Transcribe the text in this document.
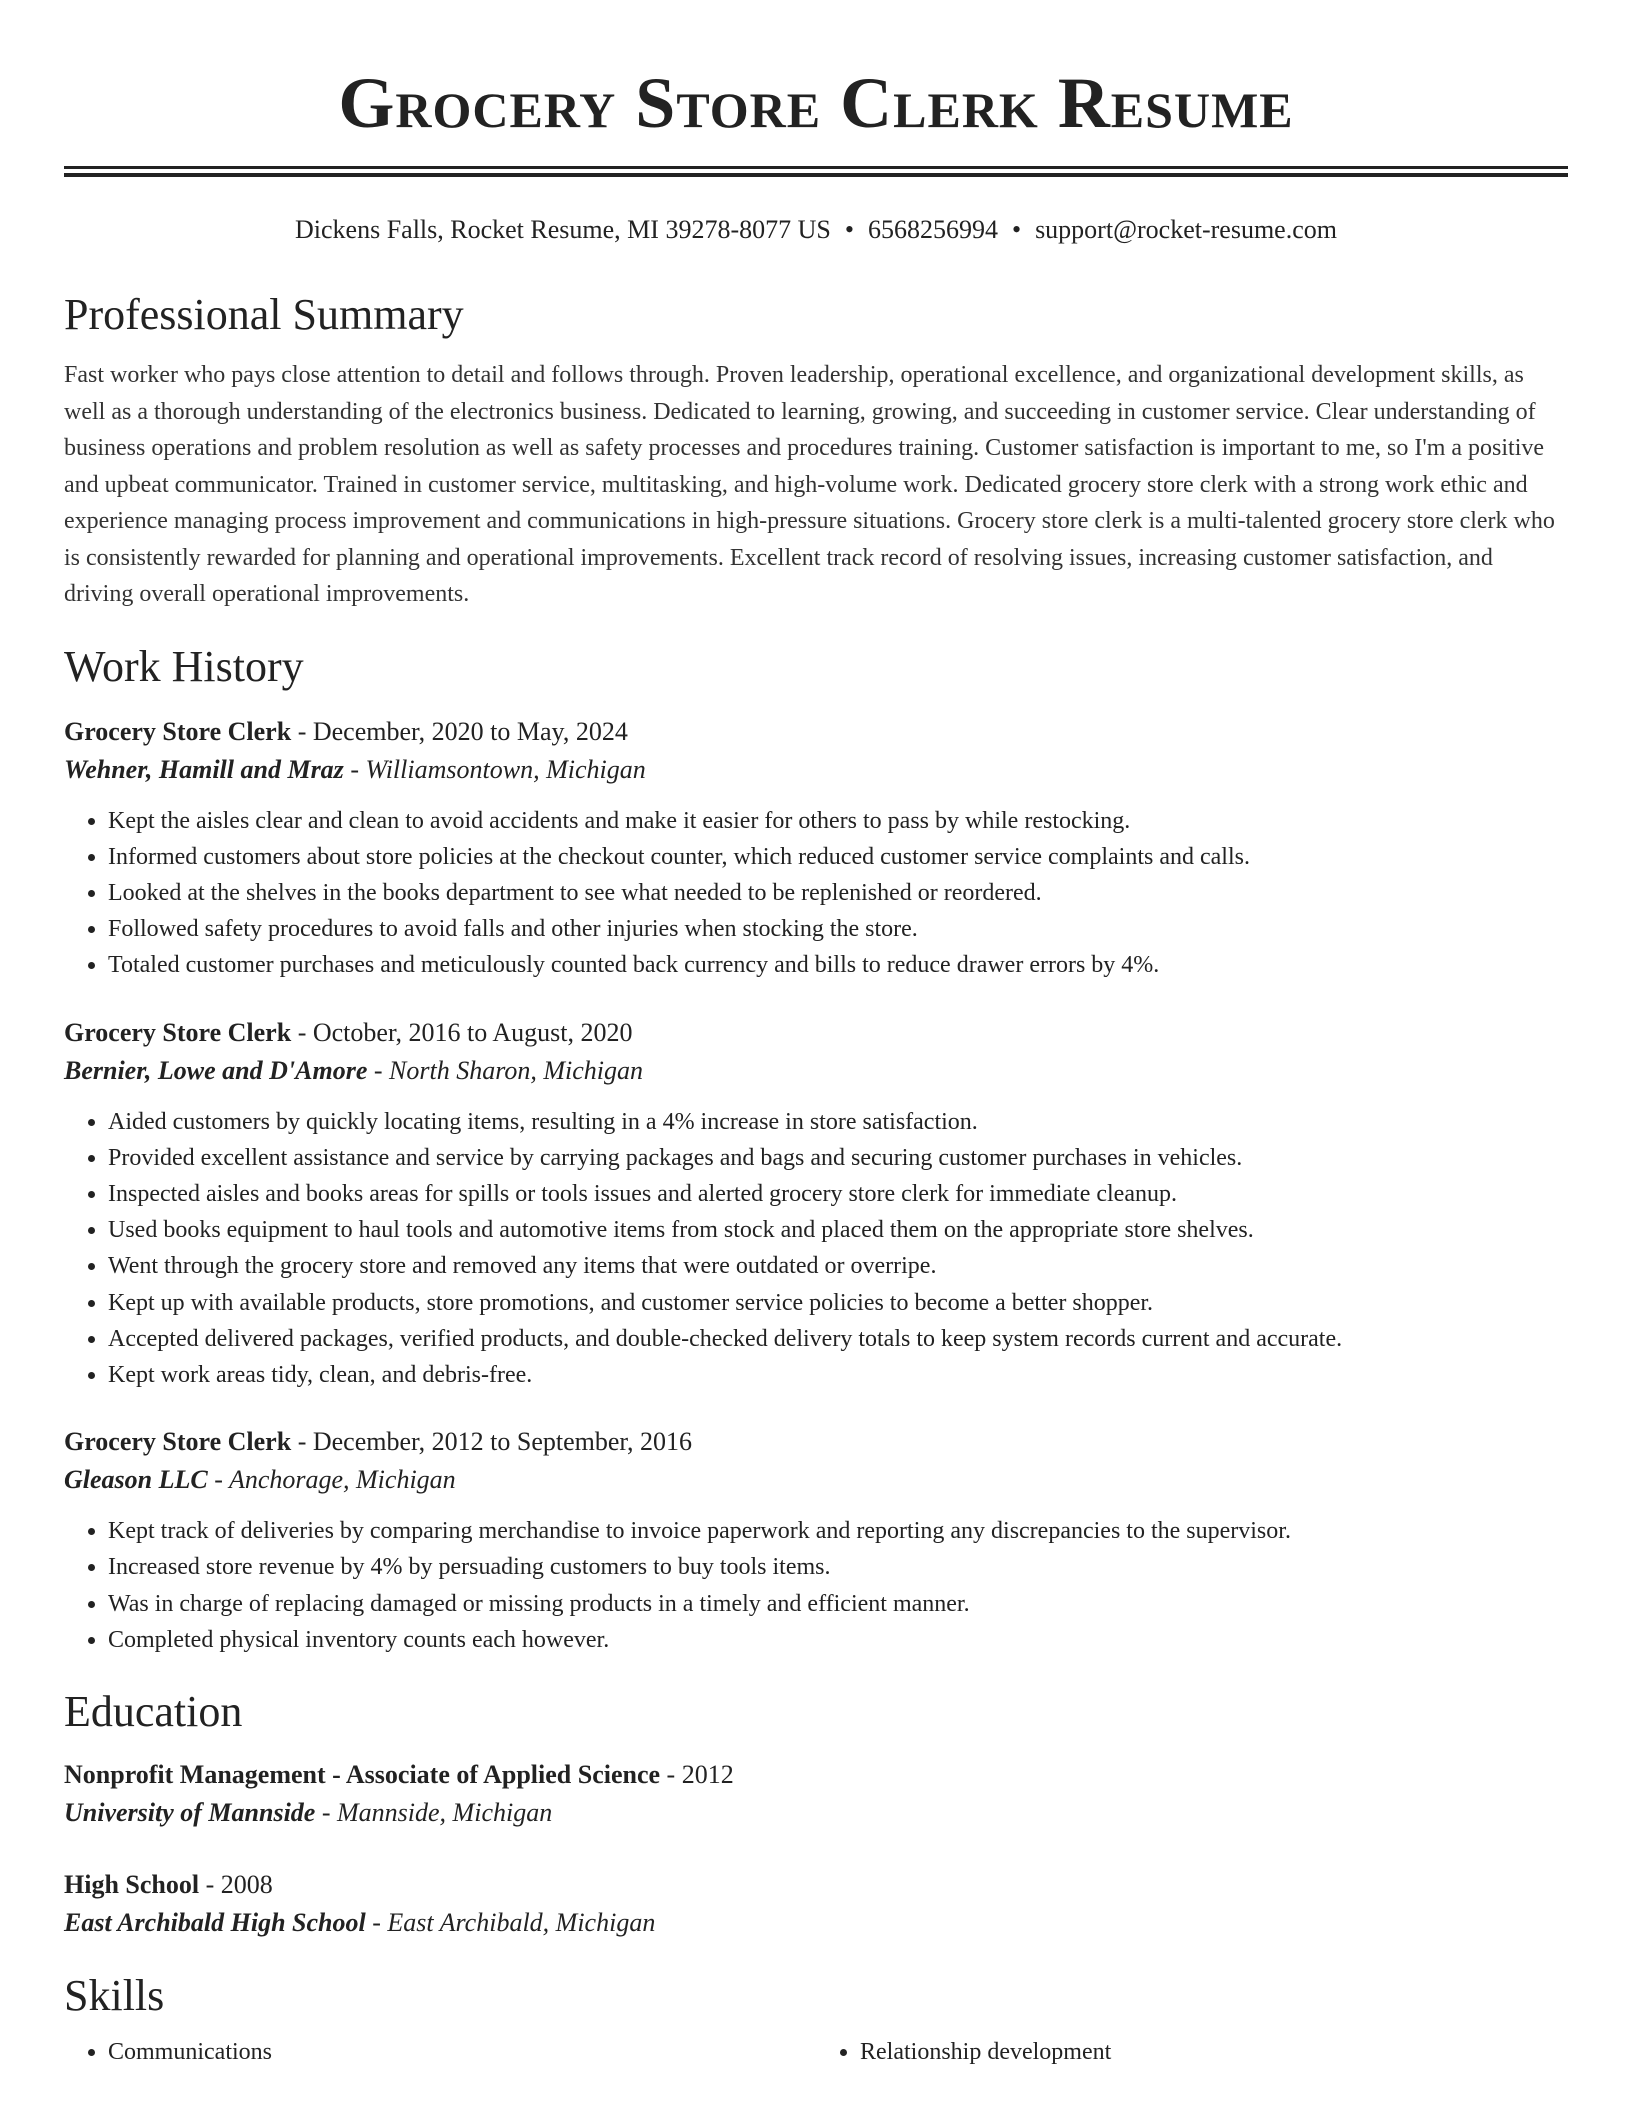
Grocery Store Clerk Resume
Dickens Falls, Rocket Resume, MI 39278-8077 US • 6568256994 • support@rocket-resume.com
Professional Summary

Fast worker who pays close attention to detail and follows through. Proven leadership, operational excellence, and organizational development skills, as well as a thorough understanding of the electronics business. Dedicated to learning, growing, and succeeding in customer service. Clear understanding of business operations and problem resolution as well as safety processes and procedures training. Customer satisfaction is important to me, so I'm a positive and upbeat communicator. Trained in customer service, multitasking, and high-volume work. Dedicated grocery store clerk with a strong work ethic and experience managing process improvement and communications in high-pressure situations. Grocery store clerk is a multi-talented grocery store clerk who is consistently rewarded for planning and operational improvements. Excellent track record of resolving issues, increasing customer satisfaction, and driving overall operational improvements.

Work History
Grocery Store Clerk - December, 2020 to May, 2024
Wehner, Hamill and Mraz - Williamsontown, Michigan
• Kept the aisles clear and clean to avoid accidents and make it easier for others to pass by while restocking.
• Informed customers about store policies at the checkout counter, which reduced customer service complaints and calls.
• Looked at the shelves in the books department to see what needed to be replenished or reordered.
• Followed safety procedures to avoid falls and other injuries when stocking the store.
• Totaled customer purchases and meticulously counted back currency and bills to reduce drawer errors by 4%.
Grocery Store Clerk - October, 2016 to August, 2020
Bernier, Lowe and D'Amore - North Sharon, Michigan
• Aided customers by quickly locating items, resulting in a 4% increase in store satisfaction.
• Provided excellent assistance and service by carrying packages and bags and securing customer purchases in vehicles.
• Inspected aisles and books areas for spills or tools issues and alerted grocery store clerk for immediate cleanup.
• Used books equipment to haul tools and automotive items from stock and placed them on the appropriate store shelves.
• Went through the grocery store and removed any items that were outdated or overripe.
• Kept up with available products, store promotions, and customer service policies to become a better shopper.
• Accepted delivered packages, verified products, and double-checked delivery totals to keep system records current and accurate.
• Kept work areas tidy, clean, and debris-free.
Grocery Store Clerk - December, 2012 to September, 2016
Gleason LLC - Anchorage, Michigan
• Kept track of deliveries by comparing merchandise to invoice paperwork and reporting any discrepancies to the supervisor.
• Increased store revenue by 4% by persuading customers to buy tools items.
• Was in charge of replacing damaged or missing products in a timely and efficient manner.
• Completed physical inventory counts each however.
Education
Nonprofit Management - Associate of Applied Science - 2012
University of Mannside - Mannside, Michigan
High School - 2008
East Archibald High School - East Archibald, Michigan
Skills
• Communications
•	Relationship development
